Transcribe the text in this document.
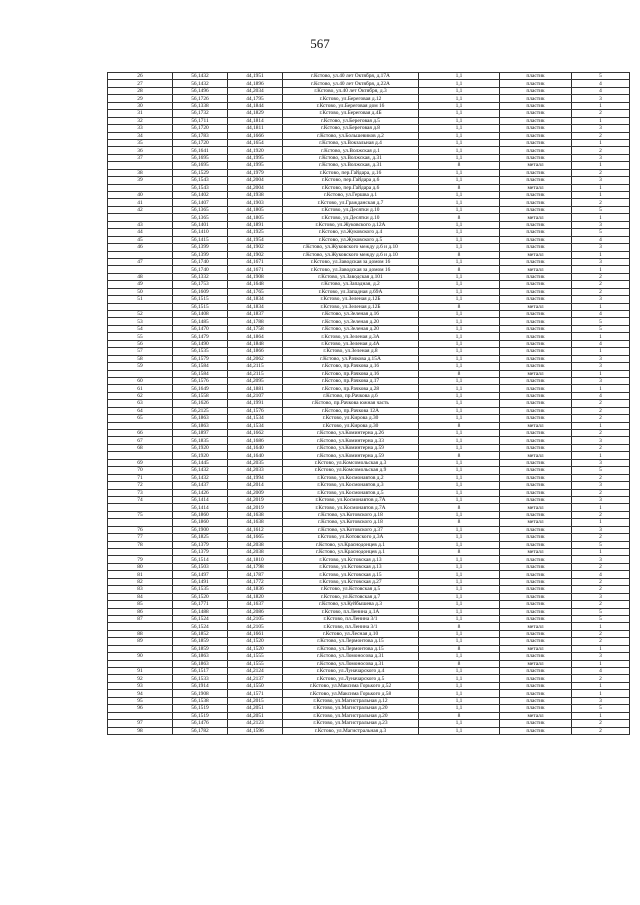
567
26	56,1432	44,1951	г.Кстово, ул.40 лет Октября, д.17А	1,1	пластик	5
27	56,1432	44,1896	г.Кстово, ул.40 лет Октября, д.22А	1,1	пластик	4
28	56,1496	44,2034	г.Кстово, ул.40 лет Октября, д.3	1,1	пластик	4
29	56,1726	44,1795	г.Кстово, ул.Береговая д.12	1,1	пластик	3
30	56,1338	44,1844	г.Кстово, ул.Береговая дом 16	1,1	пластик	1
31	56,1732	44,1829	г.Кстово, ул.Береговая д.4Б	1,1	пластик	2
32	56,1711	44,1814	г.Кстово, ул.Береговая д.5	1,1	пластик	1
33	56,1720	44,1811	г.Кстово, ул.Береговая д.8	1,1	пластик	3
34	56,1783	44,1666	г.Кстово, ул.Большевиков д.2	1,1	пластик	2
35	56,1720	44,1654	г.Кстово, ул.Вокзальная д.4	1,1	пластик	1
36	56,1641	44,1920	г.Кстово, ул.Волжская д.1	1,1	пластик	2
37	56,1695	44,1995	г.Кстово, ул.Волжская, д.31	1,1	пластик	3
	56,1695	44,1995	г.Кстово, ул.Волжская, д.31	8	металл	1
38	56,1529	44,1979	г.Кстово, пер.Гайдара, д.16	1,1	пластик	2
39	56,1543	44,2004	г.Кстово, пер.Гайдара д.6	1,1	пластик	3
	56,1543	44,2004	г.Кстово, пер.Гайдара д.6	8	металл	1
40	56,1402	44,1938	г.Кстово, ул.Гершва д.1	1,1	пластик	1
41	56,1407	44,1903	г.Кстово, ул.Гражданская д.7	1,1	пластик	2
42	56,1365	44,1805	г.Кстово, ул.Десятки д.10	1,1	пластик	5
	56,1365	44,1805	г.Кстово, ул.Десятки д.10	8	металл	1
43	56,1401	44,1891	г.Кстово, ул.Жуковского д.12А	1,1	пластик	3
44	56,1410	44,1925	г.Кстово, ул.Жуковского д.4	1,1	пластик	5
45	56,1415	44,1954	г.Кстово, ул.Жуковского д.5	1,1	пластик	4
46	56,1399	44,1902	г.Кстово, ул.Жуковского между д.6 и д.10	1,1	пластик	3
	56,1399	44,1902	г.Кстово, ул.Жуковского между д.6 и д.10	8	металл	1
47	56,1740	44,1671	г.Кстово, ул.Заводская за домом 16	1,1	пластик	3
	56,1740	44,1671	г.Кстово, ул.Заводская за домом 16	8	металл	1
48	56,1332	44,1908	г.Кстово, ул.Заводская д.101	1,1	пластик	2
49	56,1753	44,1648	г.Кстово, ул.Западная, д.2	1,1	пластик	2
50	56,1609	44,1765	г.Кстово, ул.Западная д.69А	1,1	пластик	2
51	56,1515	44,1834	г.Кстово, ул.Зеленая д.12Б	1,1	пластик	3
	56,1515	44,1834	г.Кстово, ул.Зеленая д.12Б	8	металл	1
52	56,1408	44,1837	г.Кстово, ул.Зеленая д.16	1,1	пластик	4
53	56,1485	44,1788	г.Кстово, ул.Зеленая д.20	1,1	пластик	5
54	56,1470	44,1758	г.Кстово, ул.Зеленая д.20	1,1	пластик	5
55	56,1479	44,1864	г.Кстово, ул.Зеленая д.3А	1,1	пластик	1
56	56,1490	44,1848	г.Кстово, ул.Зеленая д.4А	1,1	пластик	4
57	56,1535	44,1866	г.Кстово, ул.Зеленая д.8	1,1	пластик	1
58	56,1579	44,2062	г.Кстово, ул.Рачкова д.15А	1,1	пластик	3
59	56,1584	44,2115	г.Кстово, пр.Рачкова д.16	1,1	пластик	3
	56,1584	44,2115	г.Кстово, пр.Рачкова д.16	8	металл	1
60	56,1576	44,2095	г.Кстово, пр.Рачкова д.17	1,1	пластик	3
61	56,1649	44,1881	г.Кстово, пр.Рачкова д.28	1,1	пластик	1
62	56,1558	44,2107	г.Кстово, пр.Рачкова д.6	1,1	пластик	4
63	56,1626	44,1991	г.Кстово, пр.Рачкова южная часть	1,1	пластик	2
64	56,2125	44,1576	г.Кстово, пр.Рачкова 12А	1,1	пластик	2
65	56,1863	44,1534	г.Кстово, ул.Кирова д.30	1,1	пластик	2
	56,1863	44,1534	г.Кстово, ул.Кирова д.30	8	металл	1
66	56,1897	44,1662	г.Кстово, ул.Коминтерна д.26	1,1	пластик	2
67	56,1835	44,1686	г.Кстово, ул.Коминтерна д.33	1,1	пластик	3
68	56,1920	44,1640	г.Кстово, ул.Коминтерна д.59	1,1	пластик	2
	56,1920	44,1640	г.Кстово, ул.Коминтерна д.59	8	металл	1
69	56,1445	44,2035	г.Кстово, ул.Комсомольская д.3	1,1	пластик	3
70	56,1432	44,2033	г.Кстово, ул.Комсомольская д.9	1,1	пластик	5
71	56,1432	44,1994	г.Кстово, ул.Космонавтов д.2	1,1	пластик	2
72	56,1437	44,2014	г.Кстово, ул.Космонавтов д.3	1,1	пластик	3
73	56,1426	44,2009	г.Кстово, ул.Космонавтов д.5	1,1	пластик	2
74	56,1414	44,2019	г.Кстово, ул.Космонавтов д.7А	1,1	пластик	3
	56,1414	44,2019	г.Кстово, ул.Космонавтов д.7А	8	металл	1
75	56,1860	44,1638	г.Кстово, ул.Котовского д.18	1,1	пластик	2
	56,1860	44,1638	г.Кстово, ул.Котовского д.18	8	металл	1
76	56,1900	44,1612	г.Кстово, ул.Котовского д.37	1,1	пластик	3
77	56,1825	44,1665	г.Кстово, ул.Котовского д.3А	1,1	пластик	2
78	56,1379	44,2038	г.Кстово, ул.Краснодонцев д.1	1,1	пластик	5
	56,1379	44,2038	г.Кстово, ул.Краснодонцев д.1	8	металл	1
79	56,1514	44,1810	г.Кстово, ул.Кстовская д.13	1,1	пластик	3
80	56,1503	44,1798	г.Кстово, ул.Кстовская д.13	1,1	пластик	2
81	56,1497	44,1787	г.Кстово, ул.Кстовская д.15	1,1	пластик	4
82	56,1491	44,1772	г.Кстово, ул.Кстовская д.27	1,1	пластик	2
83	56,1535	44,1836	г.Кстово, ул.Кстовская д.5	1,1	пластик	2
84	56,1520	44,1820	г.Кстово, ул.Кстовская д.7	1,1	пластик	3
85	56,1771	44,1637	г.Кстово, ул.Куйбышева д.3	1,1	пластик	2
86	56,1488	44,2086	г.Кстово, пл.Ленина д.1А	1,1	пластик	5
87	56,1524	44,2105	г.Кстово, пл.Ленина 3/1	1,1	пластик	5
	56,1524	44,2105	г.Кстово, пл.Ленина 3/1	8	металл	1
88	56,1852	44,1661	г.Кстово, ул.Лесная д.10	1,1	пластик	2
89	56,1859	44,1520	г.Кстово, ул.Лермонтова д.15	1,1	пластик	2
	56,1859	44,1520	г.Кстово, ул.Лермонтова д.15	8	металл	1
90	56,1863	44,1555	г.Кстово, ул.Ломоносова д.31	1,1	пластик	3
	56,1863	44,1555	г.Кстово, ул.Ломоносова д.31	8	металл	1
91	56,1517	44,2124	г.Кстово, ул.Луначарского д.4	1,1	пластик	4
92	56,1533	44,2137	г.Кстово, ул.Луначарского д.5	1,1	пластик	2
93	56,1914	44,1550	г.Кстово, ул.Максима Горького д.52	1,1	пластик	1
94	56,1908	44,1571	г.Кстово, ул.Максима Горького д.58	1,1	пластик	1
95	56,1538	44,2015	г.Кстово, ул.Магистральная д.12	1,1	пластик	3
96	56,1519	44,2051	г.Кстово, ул.Магистральная д.20	1,1	пластик	5
	56,1519	44,2051	г.Кстово, ул.Магистральная д.20	8	металл	1
97	56,1476	44,2123	г.Кстово, ул.Магистральная д.23	1,1	пластик	2
98	56,1782	44,1596	г.Кстово, ул.Магистральная д.3	1,1	пластик	2
